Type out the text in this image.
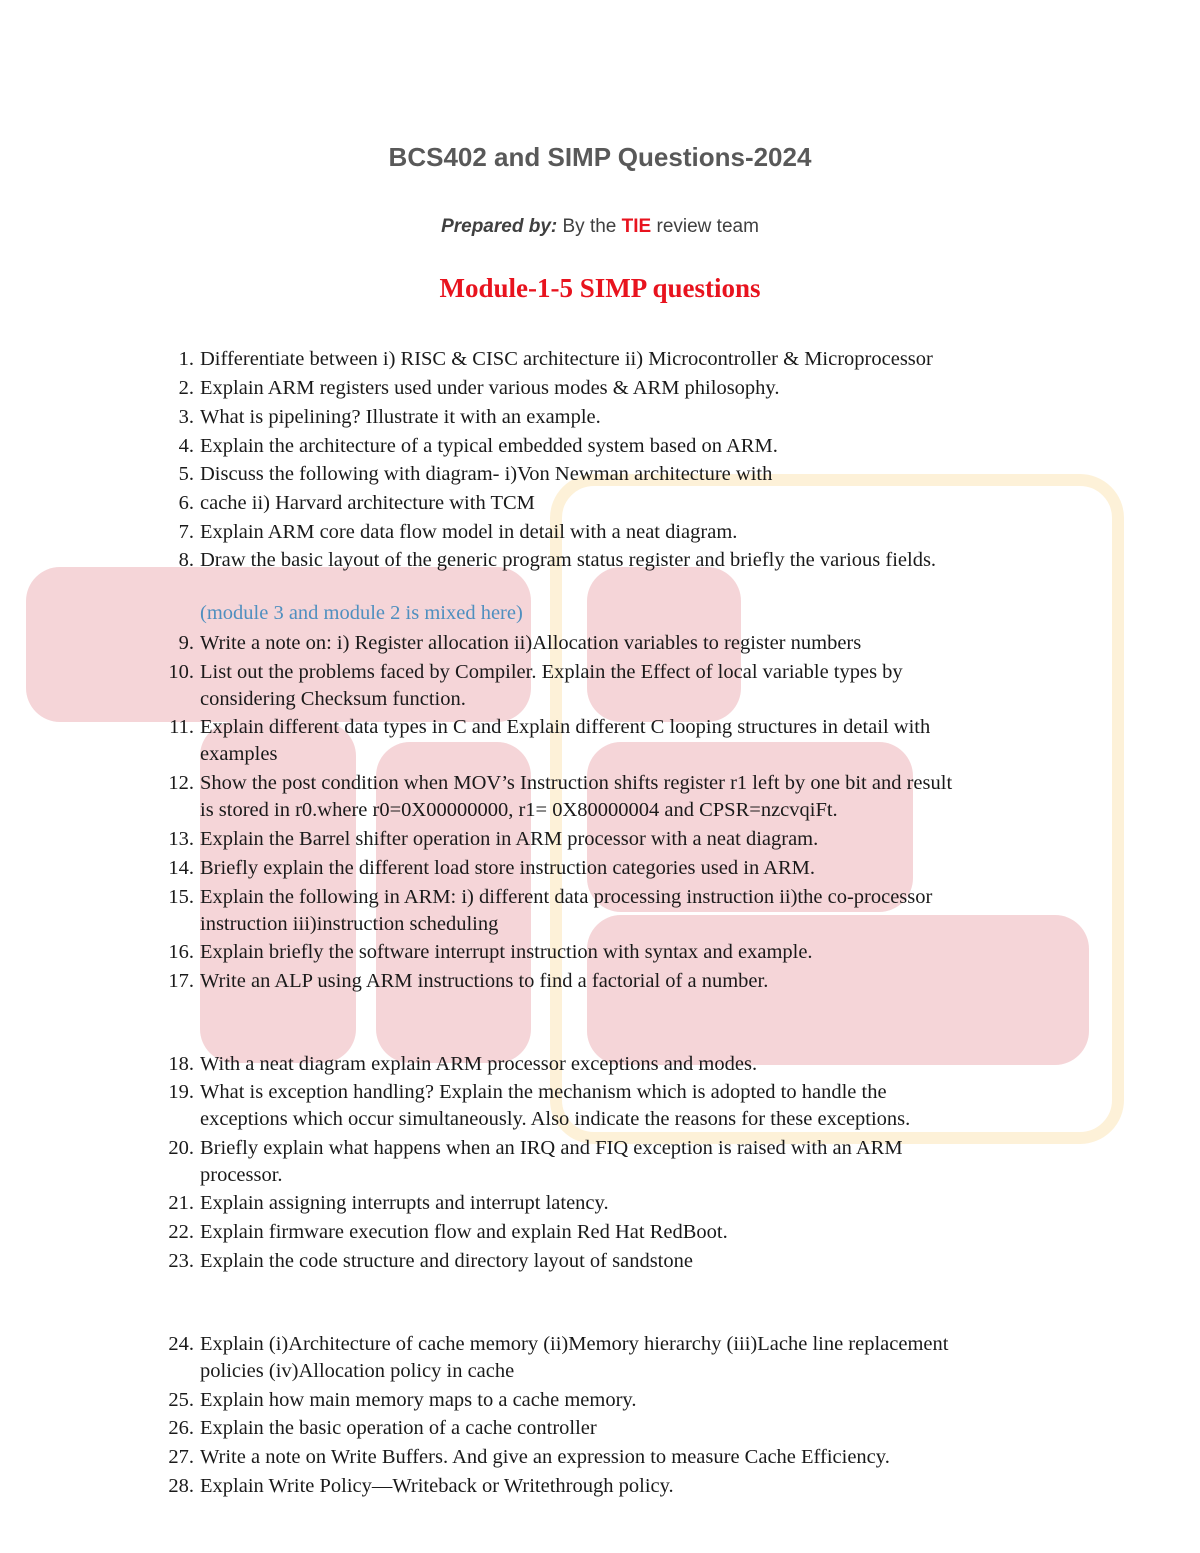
BCS402 and SIMP Questions-2024
Prepared by: By the TIE review team
Module-1-5 SIMP questions
(module 3 and module 2 is mixed here)
1. Differentiate between i) RISC & CISC architecture ii) Microcontroller & Microprocessor
2. Explain ARM registers used under various modes & ARM philosophy.
3. What is pipelining? Illustrate it with an example.
4. Explain the architecture of a typical embedded system based on ARM.
5. Discuss the following with diagram- i)Von Newman architecture with
6. cache ii) Harvard architecture with TCM
7. Explain ARM core data flow model in detail with a neat diagram.
8. Draw the basic layout of the generic program status register and briefly the various fields.
9. Write a note on: i) Register allocation ii)Allocation variables to register numbers
10. List out the problems faced by Compiler. Explain the Effect of local variable types by
considering Checksum function.
11. Explain different data types in C and Explain different C looping structures in detail with
examples
12. Show the post condition when MOV’s Instruction shifts register r1 left by one bit and result
is stored in r0.where r0=0X00000000, r1= 0X80000004 and CPSR=nzcvqiFt.
13. Explain the Barrel shifter operation in ARM processor with a neat diagram.
14. Briefly explain the different load store instruction categories used in ARM.
15. Explain the following in ARM: i) different data processing instruction ii)the co-processor
instruction iii)instruction scheduling
16. Explain briefly the software interrupt instruction with syntax and example.
17. Write an ALP using ARM instructions to find a factorial of a number.
18. With a neat diagram explain ARM processor exceptions and modes.
19. What is exception handling? Explain the mechanism which is adopted to handle the
exceptions which occur simultaneously. Also indicate the reasons for these exceptions.
20. Briefly explain what happens when an IRQ and FIQ exception is raised with an ARM
processor.
21. Explain assigning interrupts and interrupt latency.
22. Explain firmware execution flow and explain Red Hat RedBoot.
23. Explain the code structure and directory layout of sandstone
24. Explain (i)Architecture of cache memory (ii)Memory hierarchy (iii)Lache line replacement
policies (iv)Allocation policy in cache
25. Explain how main memory maps to a cache memory.
26. Explain the basic operation of a cache controller
27. Write a note on Write Buffers. And give an expression to measure Cache Efficiency.
28. Explain Write Policy—Writeback or Writethrough policy.
